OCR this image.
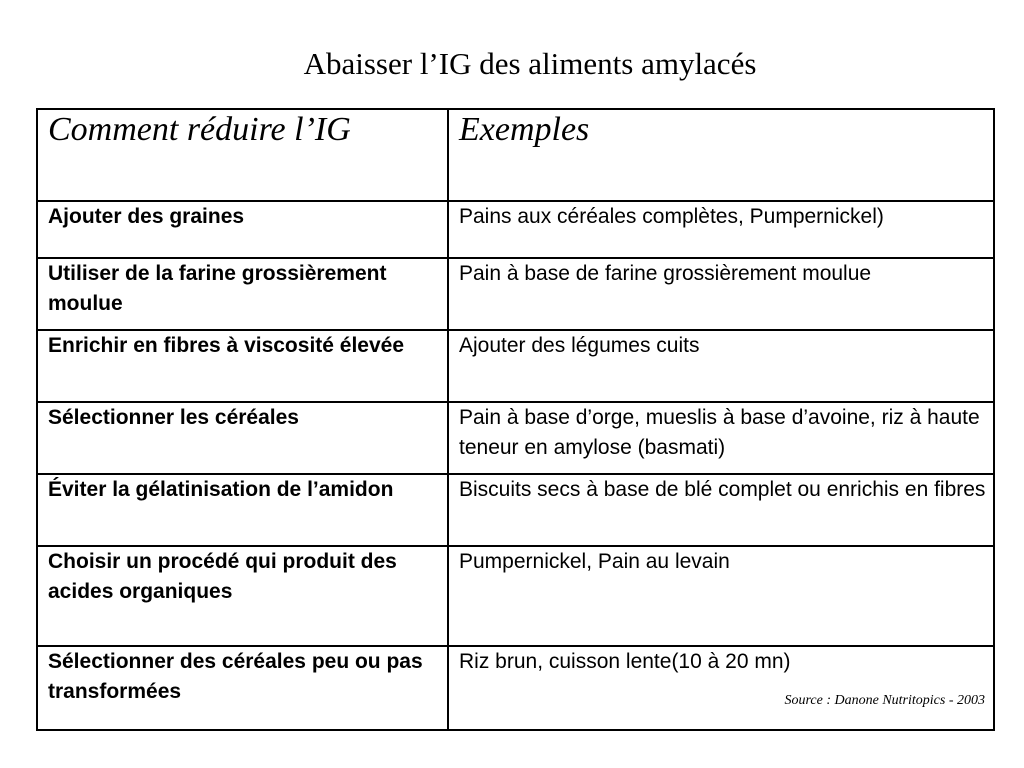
Abaisser l’IG des aliments amylacés
Comment réduire l’IG	Exemples
Ajouter des graines	Pains aux céréales complètes, Pumpernickel)
Utiliser de la farine grossièrement moulue	Pain à base de farine grossièrement moulue
Enrichir en fibres à viscosité élevée	Ajouter des légumes cuits
Sélectionner les céréales	Pain à base d’orge, mueslis à base d’avoine, riz à haute teneur en amylose (basmati)
Éviter la gélatinisation de l’amidon	Biscuits secs à base de blé complet ou enrichis en fibres
Choisir un procédé qui produit des acides organiques	Pumpernickel, Pain au levain
Sélectionner des céréales peu ou pas transformées	Riz brun, cuisson lente(10 à 20 mn)
Source : Danone Nutritopics - 2003
